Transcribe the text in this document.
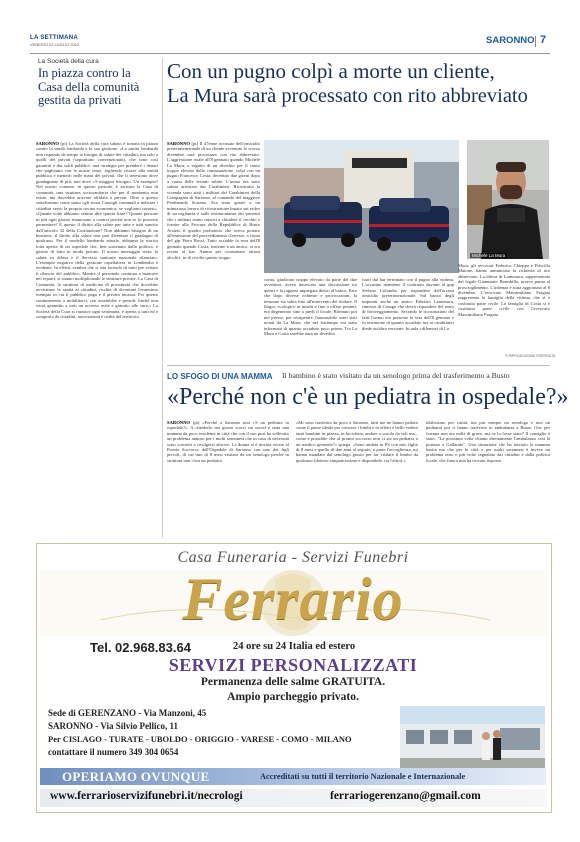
LA SETTIMANA
VENERDÌ 22 LUGLIO 2022	SARONNO 7
La Società della cura
In piazza contro la Casa della comunità gestita da privati
SARONNO (pi) La Società della cura sabato è tornata in piazza contro la sanità lombarda e la sua gestione. «La sanità lombarda non risponde da tempo ai bisogni di salute dei cittadini, ma solo a quelli dei privati (soprattutto convenzionati), che sono così garantiti e dai soldi pubblici: una strategia per prendere i denari che paghiamo con le nostre tasse, togliendo risorse alla sanità pubblica e metterli nelle mani dei privati, che li investono dove guadagnano di più, non dove c'è maggior bisogno. Un esempio? Nel nostro comune, in questo periodo, è arrivata la Casa di comunità, una struttura sociosanitaria che per il momento non esiste, ma dovrebbe arrivare affidata a privati. Oltre a questo sottolineano come siano «gli stessi Consigli comunali a indicare i cittadini verso la propria rovina economica, se vogliono curarsi». «Quante volte abbiamo sentito dire questa frase? Quante persone in più ogni giorno rinunciano a curarsi perché non se lo possono permettere? E questo il diritto alla salute per tutte e tutti sancito dall'articolo 32 della Costituzione? Non abbiamo bisogno di un business: il diritto alla salute non può diventare il guadagno di qualcuno. Per il modello lombardo attuale, abbiamo la storica lotta aperta di un ospedale che, ben sostenuto dalla politica, è gestito di fatto in modo privato. Il nostro messaggio resta: la salute va difesa e il Servizio sanitario nazionale rilanciato. L'esempio negativo della gestione ospedaliera in Lombardia è evidente. In effetti, sembra che si stia facendo di tutto per evitare il rilancio del pubblico. Mentre il personale continua a mancare nei reparti, si stanno moltiplicando le strutture private. La Casa di Comunità, la struttura di medicina di prossimità che dovrebbe avvicinare la sanità ai cittadini, rischia di diventare l'ennesimo esempio in cui il pubblico paga e il privato incassa. Per questo continueremo a mobilitarci, con assemblee e presidi, finché non verrà garantito a tutti un accesso reale e gratuito alle cure.» La Società della Cura si riunisce ogni settimana, è aperta a tutti ed è composta da cittadini, associazioni e realtà del territorio.
Con un pugno colpì a morte un cliente,
La Mura sarà processato con rito abbreviato
SARONNO (pi) Il 47enne accusato dell'omicidio preterintenzionale di un cliente avvenuto lo scorso dicembre sarà processato con rito abbreviato. L'aggressione risale all'8 gennaio quando Michele La Mura, a seguito di un diverbio per il conto troppo elevato della consumazione, colpì con un pugno Francesco Costa, deceduto due giorni dopo a causa delle lesioni subite. L'uomo era stato subito arrestato dai Carabinieri. Ricostruita la vicenda sono stati i militari dei Carabinieri della Compagnia di Saronno, al comando del maggiore Ferdinando Soriano. Era stato grazie a un minuzioso lavoro di ricostruzione basato sui video di sorveglianza e sulle testimonianze dei presenti che i militari erano riusciti a chiudere il cerchio e fornire alla Procura della Repubblica di Busto Arsizio il quadro probatorio che aveva portato all'emissione del provvedimento d'arresto, a firma del gip Piera Bossi. Tutto accadde la sera dell'8 gennaio quando Costa, insieme a un amico, si era recato al bar. Anima per consumare alcuni alcolici, in di rivolte questo troppo	Michele La Mura
conto, giudicato troppo elevato da parte del due avventori, aveva innescato una discussione tra questi e la ragazza impiegata dietro al banco. Pare che dopo diverse richieste e provocazioni, la tensione sia salita fino all'intervento del titolare. Il litigio, ecologico in insulti e fino a offese pesanti, era degenerato sino a piedi il locale. Ritenuto poi nel presso, per recuperare l'automobile sono stati notati da La Mura, che nel frattempo era stato informato di quanto accaduto poco prima. Tra La Mura e Costa sarebbe nata un diverbio
fuori dal bar terminato con il pugno alla vittima. L'accusato mantiene il contrasto davanti al gup Stefano Colombo per rispondere dell'accusa omicidio preterintenzionale. Sul banco degli imputati anche un amico Fabrizio Lamonaca, rimesso di Cusago che dovrà rispondere del reato di favoreggiamento. Secondo le ricostruzioni del fatti l'uomo era presente la sera dell'8 gennaio e fu testimone di quanto accaduto ma ai carabinieri diede un'altra versione. In aula i difensori di La
Mura, gli avvocati Federico Chieppa e Priscilla Maione, hanno annunciato la richiesta di rito abbreviato. La difesa di Lamonaca, rappresentata dal legale Gianmario Brambilla, invece punta al proscioglimento. L'udienza è stata aggiornata al 6 dicembre. L'avvocato Massimiliano Fragata rappresenta la famiglia della vittima, che si è costituita parte civile. La famiglia di Costa si è costituita parte civile con l'avvocato Massimiliano Fragata.
© RIPRODUZIONE RISERVATA
LO SFOGO DI UNA MAMMA Il bambino è stato visitato da un senologo prima del trasferimento a Busto
«Perché non c'è un pediatra in ospedale?»
SARONNO (pi) «Perché a Saronno non c'è un pediatra in ospedale?». A chiederlo nei giorni scorsi sui social è stata una mamma da poco residente in città che con il suo post ha sollevato un problema annoso per i molti saronnesi che in caso di necessità sono costretti a rivolgersi altrove. La donna si è dovuta recare al Pronto Soccorso dell'Ospedale di Saronno con uno dei figli piccoli, di cui uno di 8 mesi visitato da un senologo perché in struttura non c'era un pediatra.
«Mi sono trasferita da poco a Saronno, tutti me ne hanno parlato come il paese ideale per crescere i bimbi e in effetti è bello vedere tanti bambini in piazza, in bicicletta, andare a scuola da soli ma... come è possibile che al pronto soccorso non ci sia un pediatra o un medico generale?» spiega. «Sono andata in PS con mio figlio di 8 mesi e quello di due anni al seguito, a parte l'accoglienza, mi hanno mandato dal senologo giusto per far visitare il bimbo da qualcuno (dottore simpaticissimo e disponibile, tra l'altro).»
tibilissimo per carità, ma pur sempre un senologo e non un pediatra) poi ci hanno trasferito in ambulanza a Busto. Ora, per fortuna non era nulla di grave, ma se lo fosse stato? Il consiglio è stato: "La prossima volta chiami direttamente l'ambulanza così la portano a Gallarate". Una situazione che ha lasciato la mamma basita ma che per la città e per molti saronnesi è invece un problema noto e più volte segnalato dai cittadini e dalla politica locale, che finora non ha trovato risposte.
Casa Funeraria - Servizi Funebri
Ferrario
Tel. 02.968.83.64	24 ore su 24 Italia ed estero
SERVIZI PERSONALIZZATI
Permanenza delle salme GRATUITA.
Ampio parcheggio privato.
Sede di GERENZANO - Via Manzoni, 45
SARONNO - Via Silvio Pellico, 11
Per CISLAGO - TURATE - UBOLDO - ORIGGIO - VARESE - COMO - MILANO
contattare il numero 349 304 0654
OPERIAMO OVUNQUE	Accreditati su tutti il territorio Nazionale e Internazionale
www.ferrarioservizifunebri.it/necrologi	ferrariogerenzano@gmail.com
